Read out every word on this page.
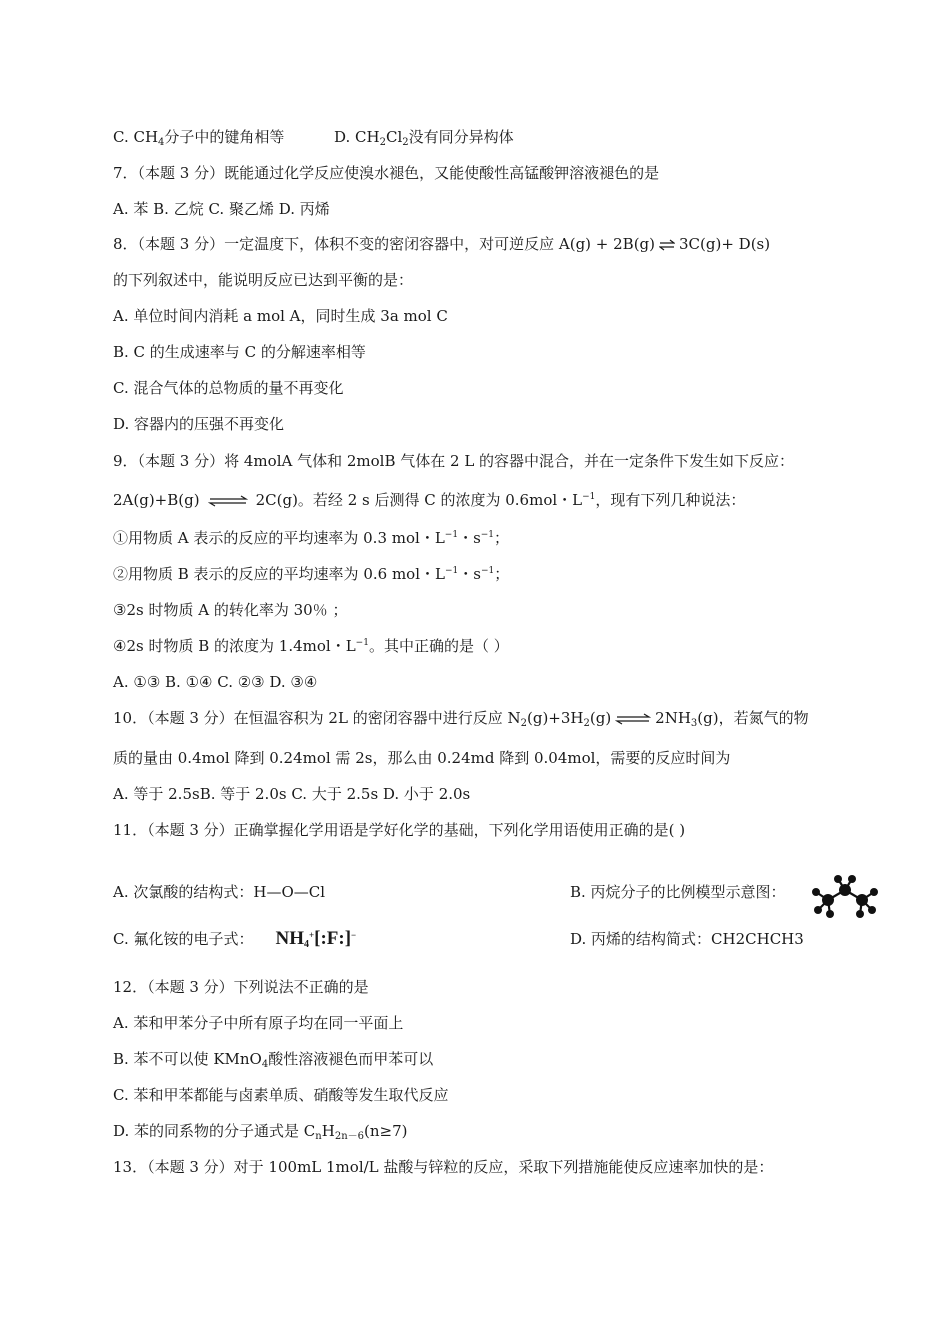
C. $CH_4$分子中的键角相等	D. $CH_2Cl_2$没有同分异构体
7．（本题 3 分）既能通过化学反应使溴水褪色，又能使酸性高锰酸钾溶液褪色的是
A. 苯 B. 乙烷 C. 聚乙烯 D. 丙烯
8．（本题 3 分）一定温度下，体积不变的密闭容器中，对可逆反应 A(g) + 2B(g) ⇌ 3C(g)+ D(s)
的下列叙述中，能说明反应已达到平衡的是：
A. 单位时间内消耗 a mol A，同时生成 3a mol C
B. C 的生成速率与 C 的分解速率相等
C. 混合气体的总物质的量不再变化
D. 容器内的压强不再变化
9．（本题 3 分）将 4molA 气体和 2molB 气体在 2 L 的容器中混合，并在一定条件下发生如下反应：
2A(g)+B(g) ⇌ 2C(g)。若经 2 s 后测得 C 的浓度为 0.6mol・$L^{-1}$，现有下列几种说法：
①用物质 A 表示的反应的平均速率为 0.3 mol・$L^{-1}$・$s^{-1}$；
②用物质 B 表示的反应的平均速率为 0.6 mol・$L^{-1}$・$s^{-1}$；
③2s 时物质 A 的转化率为 30％ ；
④2s 时物质 B 的浓度为 1.4mol・$L^{-1}$。其中正确的是（ ）
A. ①③ B. ①④ C. ②③ D. ③④
10．（本题 3 分）在恒温容积为 2L 的密闭容器中进行反应 $N_2(g)+3H_2(g)$ ⇌ $2NH_3(g)$，若氮气的物
质的量由 0.4mol 降到 0.24mol 需 2s，那么由 0.24md 降到 0.04mol，需要的反应时间为
A. 等于 2.5sB. 等于 2.0s C. 大于 2.5s D. 小于 2.0s
11．（本题 3 分）正确掌握化学用语是学好化学的基础，下列化学用语使用正确的是( )
A. 次氯酸的结构式：H—O—Cl	B. 丙烷分子的比例模型示意图：
C. 氟化铵的电子式： $NH_4^+[:F:]^-$	D. 丙烯的结构简式：CH2CHCH3
12．（本题 3 分）下列说法不正确的是
A. 苯和甲苯分子中所有原子均在同一平面上
B. 苯不可以使 KMnO$_4$酸性溶液褪色而甲苯可以
C. 苯和甲苯都能与卤素单质、硝酸等发生取代反应
D. 苯的同系物的分子通式是 $C_nH_{2n-6}(n\ge 7)$
13．（本题 3 分）对于 100mL 1mol/L 盐酸与锌粒的反应，采取下列措施能使反应速率加快的是：
